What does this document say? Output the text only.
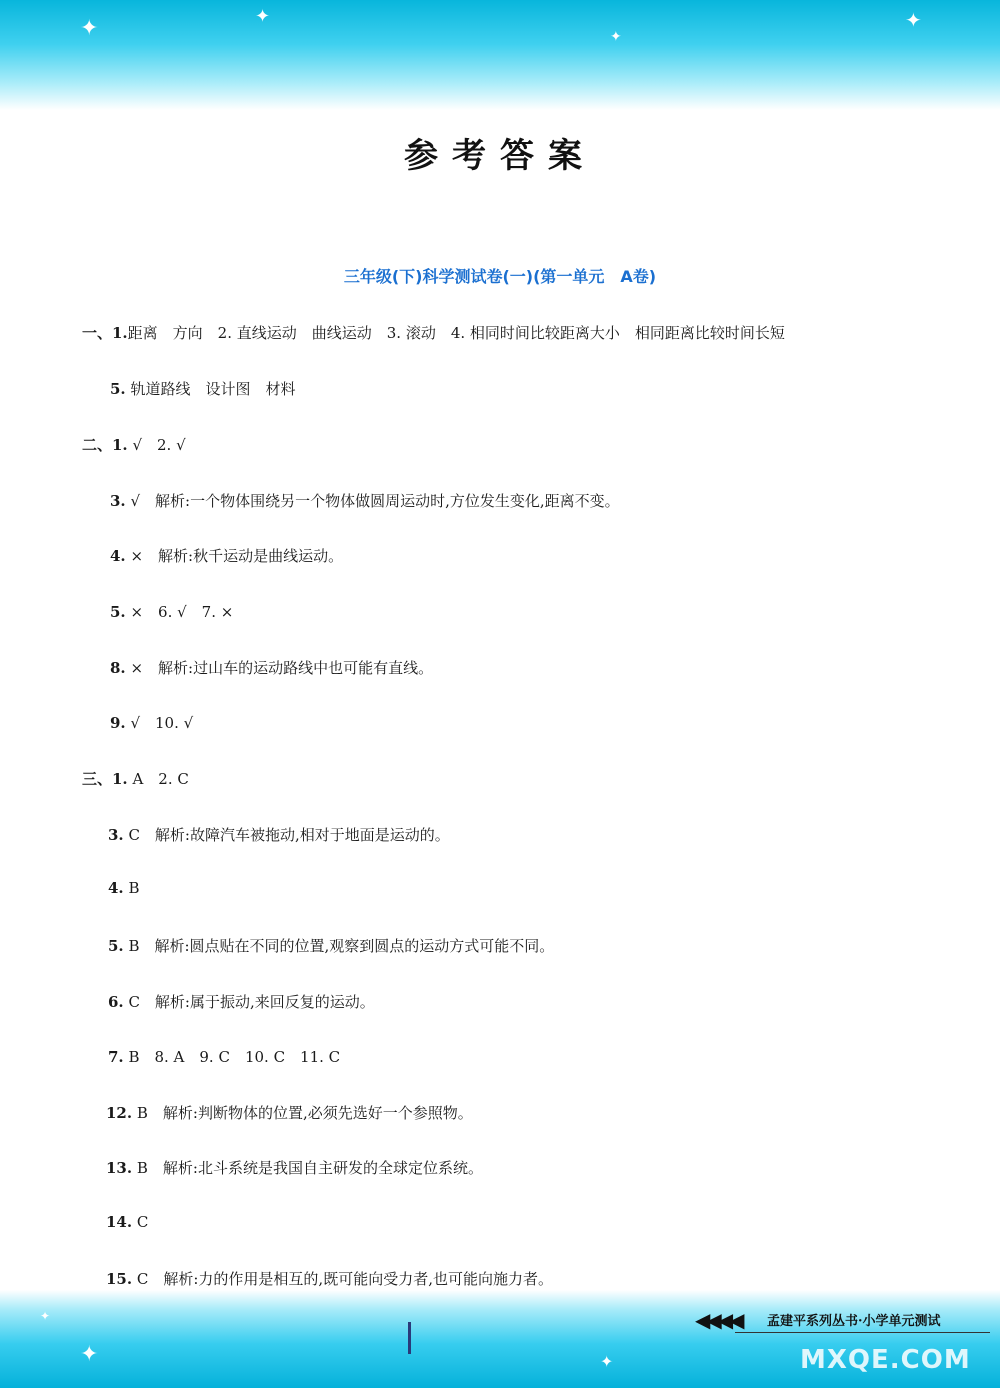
✦	✦
✦
✦
✦	✦
✦
参考答案
三年级(下)科学测试卷(一)(第一单元　A卷)
一、1.距离　方向　2. 直线运动　曲线运动　3. 滚动　4. 相同时间比较距离大小　相同距离比较时间长短
5. 轨道路线　设计图　材料
二、1. √　2. √
3. √　解析:一个物体围绕另一个物体做圆周运动时,方位发生变化,距离不变。
4. ×　解析:秋千运动是曲线运动。
5. ×　6. √　7. ×
8. ×　解析:过山车的运动路线中也可能有直线。
9. √　10. √
三、1. A　2. C
3. C　解析:故障汽车被拖动,相对于地面是运动的。
4. B
5. B　解析:圆点贴在不同的位置,观察到圆点的运动方式可能不同。
6. C　解析:属于振动,来回反复的运动。
7. B　8. A　9. C　10. C　11. C
12. B　解析:判断物体的位置,必须先选好一个参照物。
13. B　解析:北斗系统是我国自主研发的全球定位系统。
14. C
15. C　解析:力的作用是相互的,既可能向受力者,也可能向施力者。
◀◀◀◀ 孟建平系列丛书·小学单元测试
MXQE.COM
